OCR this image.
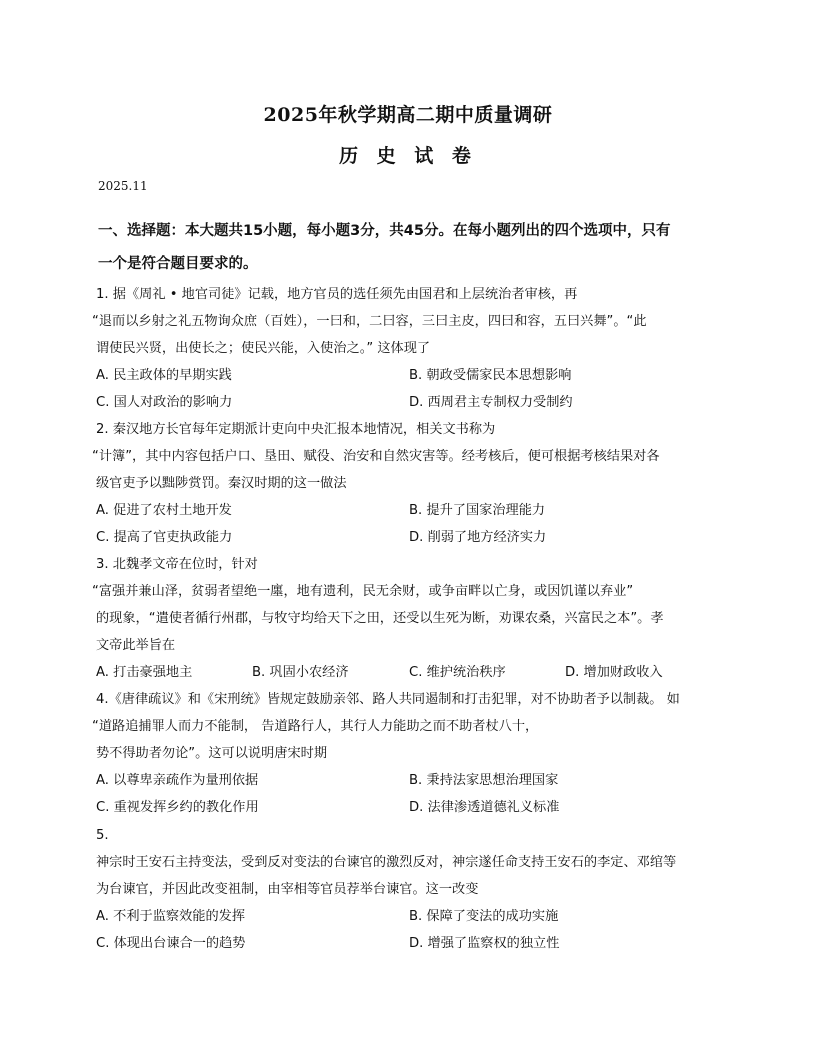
2025年秋学期高二期中质量调研
历 史 试 卷
2025.11
一、选择题：本大题共15小题，每小题3分，共45分。在每小题列出的四个选项中，只有
一个是符合题目要求的。
1. 据《周礼 • 地官司徒》记载，地方官员的选任须先由国君和上层统治者审核，再
“退而以乡射之礼五物询众庶（百姓），一曰和，二曰容，三曰主皮，四曰和容，五曰兴舞”。“此
谓使民兴贤，出使长之；使民兴能，入使治之。” 这体现了
A. 民主政体的早期实践	B. 朝政受儒家民本思想影响
C. 国人对政治的影响力	D. 西周君主专制权力受制约
2. 秦汉地方长官每年定期派计吏向中央汇报本地情况，相关文书称为
“计簿”，其中内容包括户口、垦田、赋役、治安和自然灾害等。经考核后，便可根据考核结果对各
级官吏予以黜陟赏罚。秦汉时期的这一做法
A. 促进了农村土地开发	B. 提升了国家治理能力
C. 提高了官吏执政能力	D. 削弱了地方经济实力
3. 北魏孝文帝在位时，针对
“富强并兼山泽，贫弱者望绝一廛，地有遗利，民无余财，或争亩畔以亡身，或因饥谨以弃业”
的现象，“遣使者循行州郡，与牧守均给天下之田，还受以生死为断，劝课农桑，兴富民之本”。孝
文帝此举旨在
A. 打击豪强地主	B. 巩固小农经济	C. 维护统治秩序	D. 增加财政收入
4.《唐律疏议》和《宋刑统》皆规定鼓励亲邻、路人共同遏制和打击犯罪，对不协助者予以制裁。 如
“道路追捕罪人而力不能制， 告道路行人，其行人力能助之而不助者杖八十，
势不得助者勿论”。这可以说明唐宋时期
A. 以尊卑亲疏作为量刑依据	B. 秉持法家思想治理国家
C. 重视发挥乡约的教化作用	D. 法律渗透道德礼义标准
5.
神宗时王安石主持变法，受到反对变法的台谏官的激烈反对，神宗遂任命支持王安石的李定、邓绾等
为台谏官，并因此改变祖制，由宰相等官员荐举台谏官。这一改变
A. 不利于监察效能的发挥	B. 保障了变法的成功实施
C. 体现出台谏合一的趋势	D. 增强了监察权的独立性
